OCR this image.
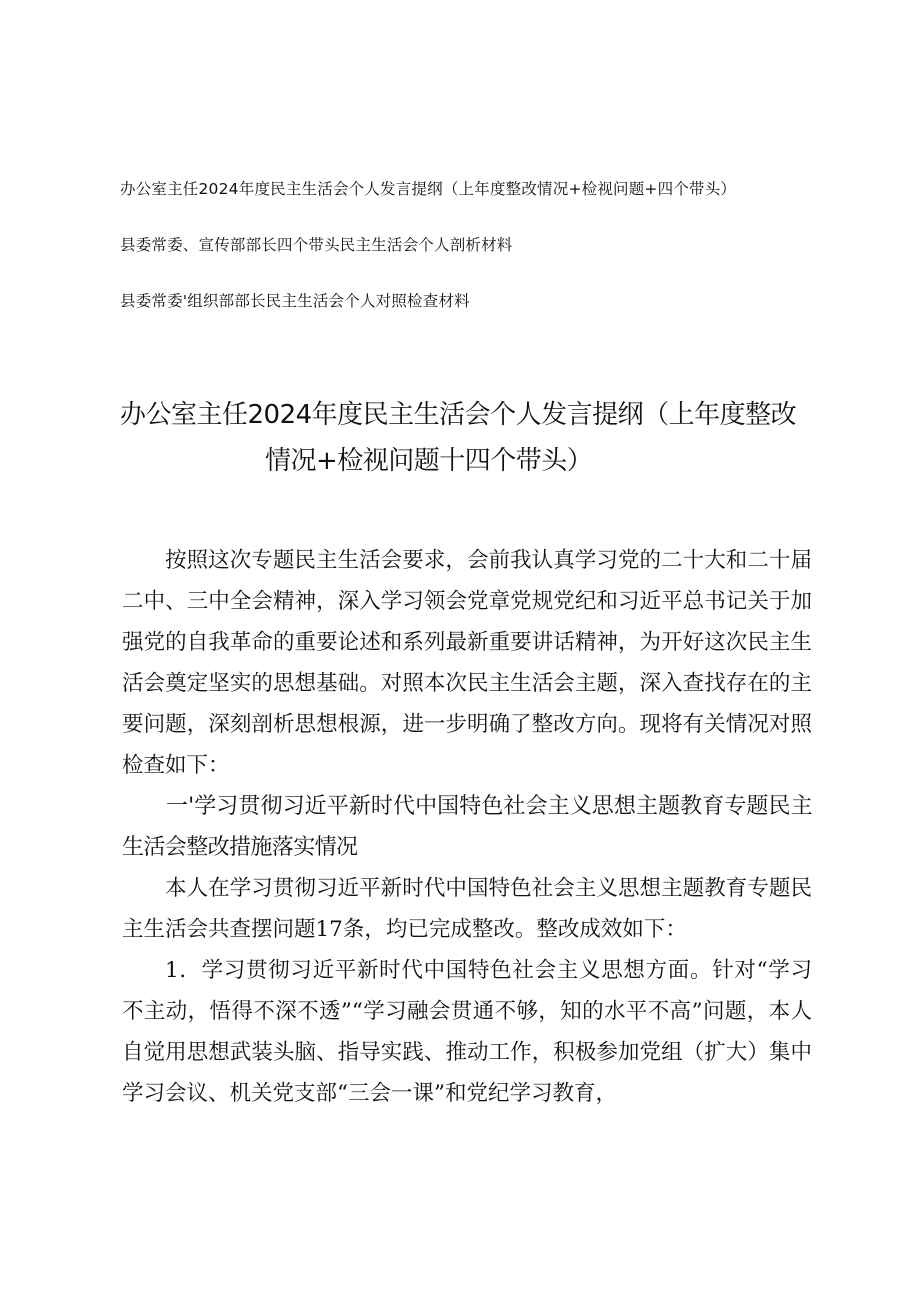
办公室主任2024年度民主生活会个人发言提纲（上年度整改情况+检视问题+四个带头）
县委常委、宣传部部长四个带头民主生活会个人剖析材料
县委常委'组织部部长民主生活会个人对照检查材料
办公室主任2024年度民主生活会个人发言提纲（上年度整改
情况+检视问题十四个带头）

按照这次专题民主生活会要求，会前我认真学习党的二十大和二十届二中、三中全会精神，深入学习领会党章党规党纪和习近平总书记关于加强党的自我革命的重要论述和系列最新重要讲话精神，为开好这次民主生活会奠定坚实的思想基础。对照本次民主生活会主题，深入查找存在的主要问题，深刻剖析思想根源，进一步明确了整改方向。现将有关情况对照检查如下：

一'学习贯彻习近平新时代中国特色社会主义思想主题教育专题民主生活会整改措施落实情况

本人在学习贯彻习近平新时代中国特色社会主义思想主题教育专题民主生活会共查摆问题17条，均已完成整改。整改成效如下：

1．学习贯彻习近平新时代中国特色社会主义思想方面。针对“学习不主动，悟得不深不透”“学习融会贯通不够，知的水平不高”问题，本人自觉用思想武装头脑、指导实践、推动工作，积极参加党组（扩大）集中学习会议、机关党支部“三会一课”和党纪学习教育，
